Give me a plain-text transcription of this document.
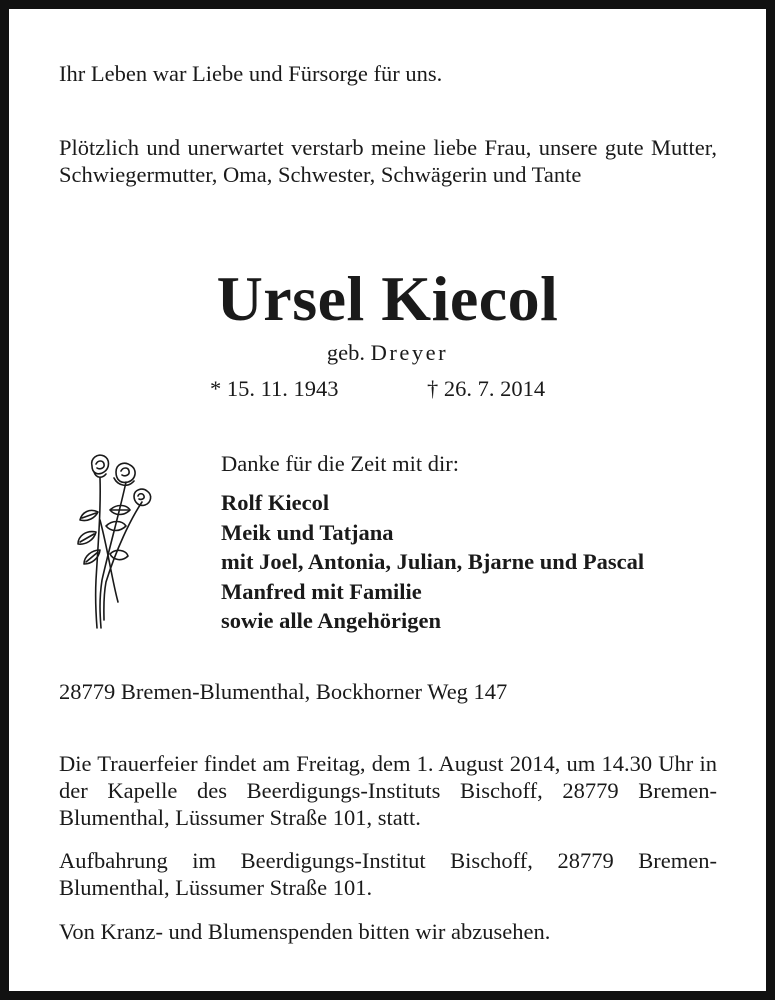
Ihr Leben war Liebe und Fürsorge für uns.
Plötzlich und unerwartet verstarb meine liebe Frau, unsere gute Mutter, Schwiegermutter, Oma, Schwester, Schwägerin und Tante
Ursel Kiecol
geb. Dreyer
* 15. 11. 1943	† 26. 7. 2014
Danke für die Zeit mit dir:
Rolf Kiecol
Meik und Tatjana
mit Joel, Antonia, Julian, Bjarne und Pascal
Manfred mit Familie
sowie alle Angehörigen
28779 Bremen-Blumenthal, Bockhorner Weg 147
Die Trauerfeier findet am Freitag, dem 1. August 2014, um 14.30 Uhr in der Kapelle des Beerdigungs-Instituts Bischoff, 28779 Bremen-Blumenthal, Lüssumer Straße 101, statt.
Aufbahrung im Beerdigungs-Institut Bischoff, 28779 Bremen-Blumenthal, Lüssumer Straße 101.
Von Kranz- und Blumenspenden bitten wir abzusehen.
